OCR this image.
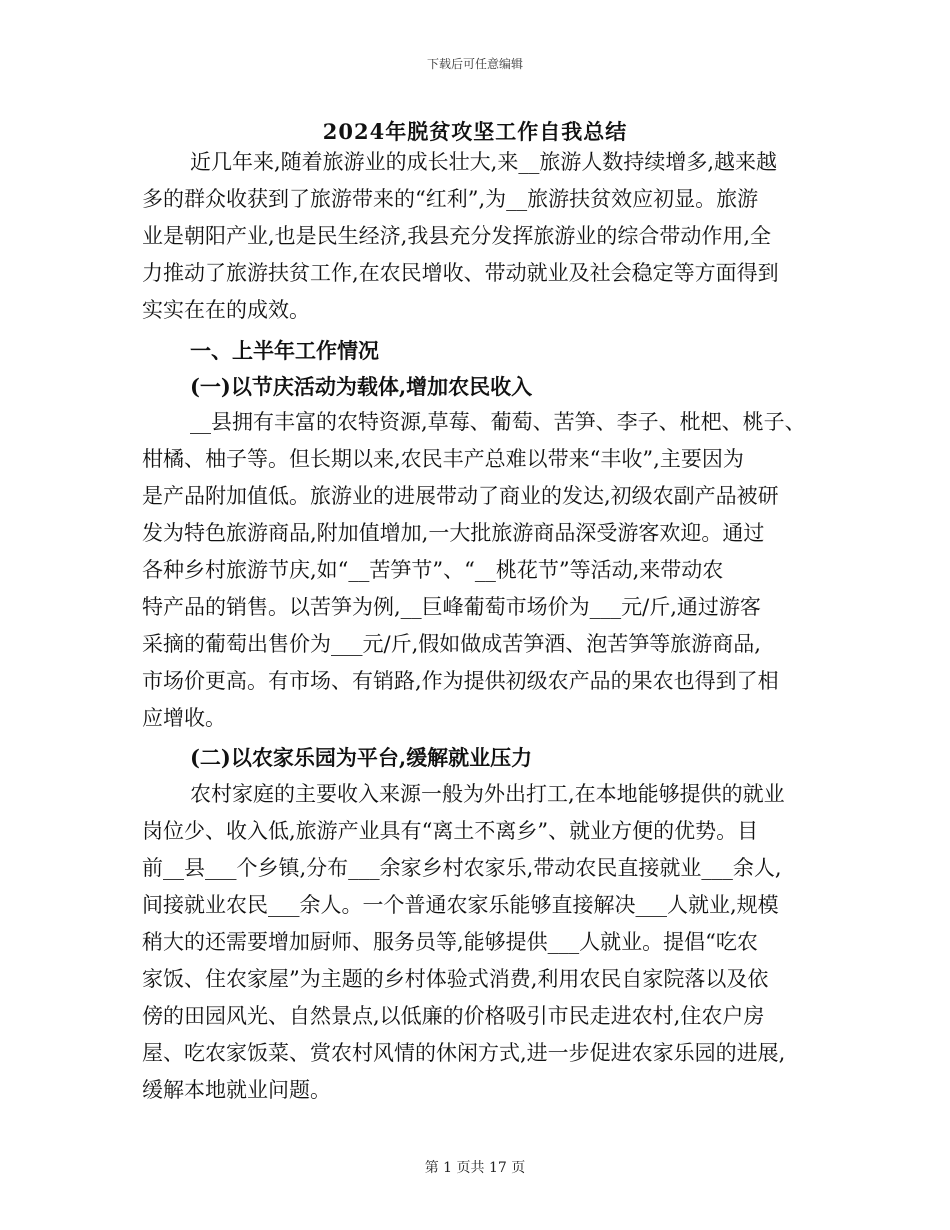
下载后可任意编辑
2024年脱贫攻坚工作自我总结
近几年来,随着旅游业的成长壮大,来__旅游人数持续增多,越来越
多的群众收获到了旅游带来的“红利”,为__旅游扶贫效应初显。旅游
业是朝阳产业,也是民生经济,我县充分发挥旅游业的综合带动作用,全
力推动了旅游扶贫工作,在农民增收、带动就业及社会稳定等方面得到
实实在在的成效。
一、上半年工作情况
(一)以节庆活动为载体,增加农民收入
__县拥有丰富的农特资源,草莓、葡萄、苦笋、李子、枇杷、桃子、
柑橘、柚子等。但长期以来,农民丰产总难以带来“丰收”,主要因为
是产品附加值低。旅游业的进展带动了商业的发达,初级农副产品被研
发为特色旅游商品,附加值增加,一大批旅游商品深受游客欢迎。通过
各种乡村旅游节庆,如“__苦笋节”、“__桃花节”等活动,来带动农
特产品的销售。以苦笋为例,__巨峰葡萄市场价为___元/斤,通过游客
采摘的葡萄出售价为___元/斤,假如做成苦笋酒、泡苦笋等旅游商品,
市场价更高。有市场、有销路,作为提供初级农产品的果农也得到了相
应增收。
(二)以农家乐园为平台,缓解就业压力
农村家庭的主要收入来源一般为外出打工,在本地能够提供的就业
岗位少、收入低,旅游产业具有“离土不离乡”、就业方便的优势。目
前__县___个乡镇,分布___余家乡村农家乐,带动农民直接就业___余人,
间接就业农民___余人。一个普通农家乐能够直接解决___人就业,规模
稍大的还需要增加厨师、服务员等,能够提供___人就业。提倡“吃农
家饭、住农家屋”为主题的乡村体验式消费,利用农民自家院落以及依
傍的田园风光、自然景点,以低廉的价格吸引市民走进农村,住农户房
屋、吃农家饭菜、赏农村风情的休闲方式,进一步促进农家乐园的进展,
缓解本地就业问题。
第 1 页共 17 页
